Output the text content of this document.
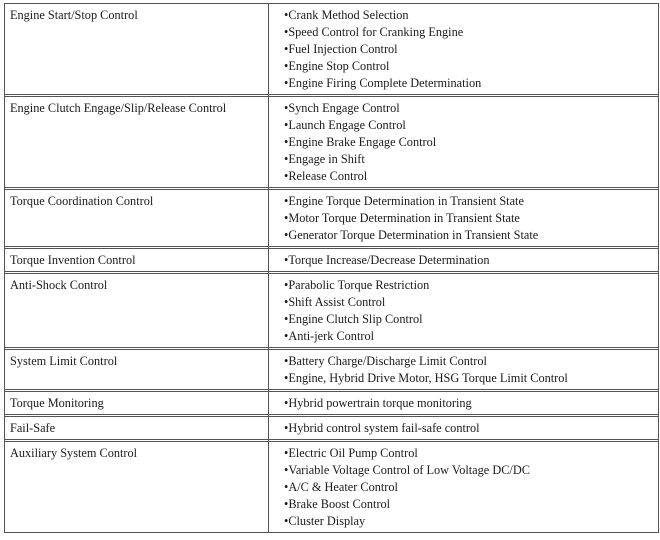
Engine Start/Stop Control	•Crank Method Selection
•Speed Control for Cranking Engine
•Fuel Injection Control
•Engine Stop Control
•Engine Firing Complete Determination

Engine Clutch Engage/Slip/Release Control	•Synch Engage Control
•Launch Engage Control
•Engine Brake Engage Control
•Engage in Shift
•Release Control

Torque Coordination Control	•Engine Torque Determination in Transient State
•Motor Torque Determination in Transient State
•Generator Torque Determination in Transient State

Torque Invention Control	•Torque Increase/Decrease Determination

Anti-Shock Control	•Parabolic Torque Restriction
•Shift Assist Control
•Engine Clutch Slip Control
•Anti-jerk Control

System Limit Control	•Battery Charge/Discharge Limit Control
•Engine, Hybrid Drive Motor, HSG Torque Limit Control

Torque Monitoring	•Hybrid powertrain torque monitoring

Fail-Safe	•Hybrid control system fail-safe control

Auxiliary System Control	•Electric Oil Pump Control
•Variable Voltage Control of Low Voltage DC/DC
•A/C & Heater Control
•Brake Boost Control
•Cluster Display
